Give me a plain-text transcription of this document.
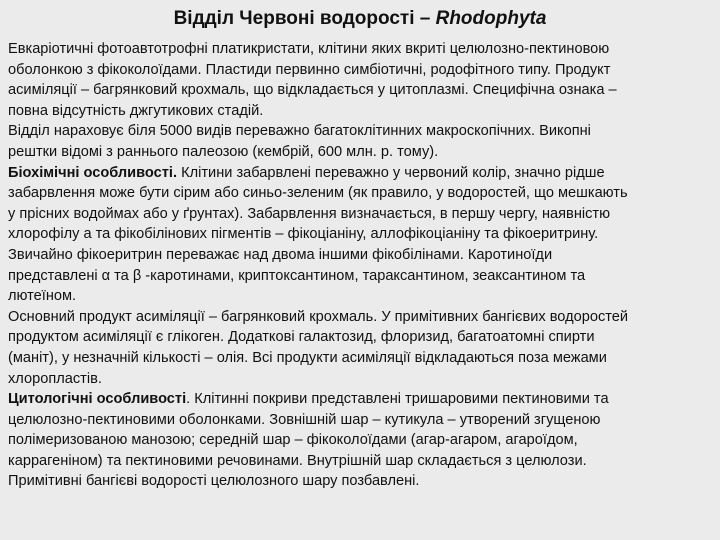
Відділ Червоні водорості – Rhodophyta

Евкаріотичні фотоавтотрофні платикристати, клітини яких вкриті целюлозно-пектиновою
оболонкою з фікоколоїдами. Пластиди первинно симбіотичні, родофітного типу. Продукт
асиміляції – багрянковий крохмаль, що відкладається у цитоплазмі. Специфічна ознака –
повна відсутність джгутикових стадій.

Відділ нараховує біля 5000 видів переважно багатоклітинних макроскопічних. Викопні
рештки відомі з раннього палеозою (кембрій, 600 млн. р. тому).

Біохімічні особливості. Клітини забарвлені переважно у червоний колір, значно рідше
забарвлення може бути сірим або синьо-зеленим (як правило, у водоростей, що мешкають
у прісних водоймах або у ґрунтах). Забарвлення визначається, в першу чергу, наявністю
хлорофілу a та фікобілінових пігментів – фікоціаніну, аллофікоціаніну та фікоеритрину.
Звичайно фікоеритрин переважає над двома іншими фікобілінами. Каротиноїди
представлені α та β -каротинами, криптоксантином, тараксантином, зеаксантином та
лютеїном.

Основний продукт асиміляції – багрянковий крохмаль. У примітивних бангієвих водоростей
продуктом асиміляції є глікоген. Додаткові галактозид, флоризид, багатоатомні спирти
(маніт), у незначній кількості – олія. Всі продукти асиміляції відкладаються поза межами
хлоропластів.

Цитологічні особливості. Клітинні покриви представлені тришаровими пектиновими та
целюлозно-пектиновими оболонками. Зовнішній шар – кутикула – утворений згущеною
полімеризованою манозою; середній шар – фікоколоїдами (агар-агаром, агароїдом,
каррагеніном) та пектиновими речовинами. Внутрішній шар складається з целюлози.
Примітивні бангієві водорості целюлозного шару позбавлені.
